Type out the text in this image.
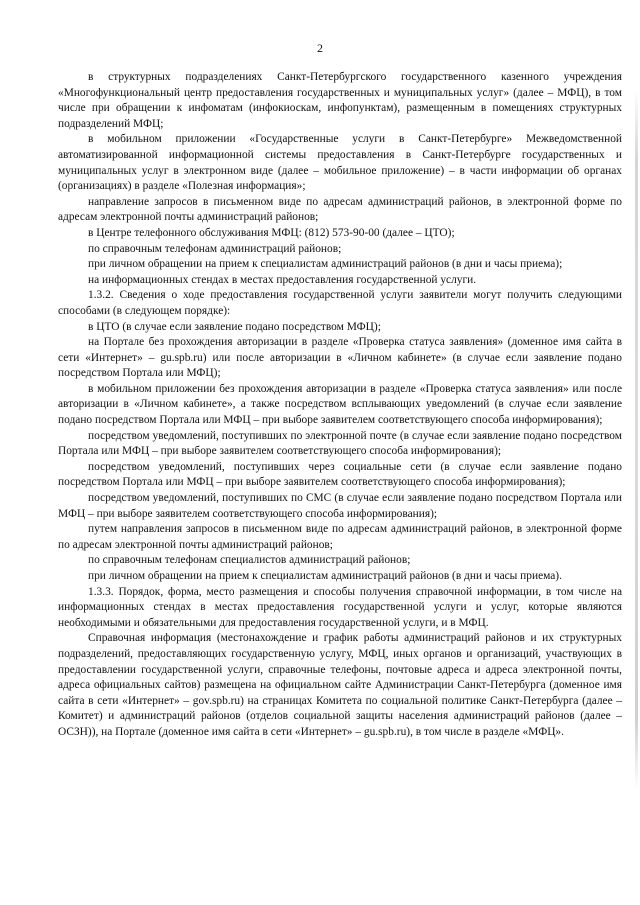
2

в структурных подразделениях Санкт-Петербургского государственного казенного учреждения «Многофункциональный центр предоставления государственных и муниципальных услуг» (далее – МФЦ), в том числе при обращении к инфоматам (инфокиоскам, инфопунктам), размещенным в помещениях структурных подразделений МФЦ;

в мобильном приложении «Государственные услуги в Санкт-Петербурге» Межведомственной автоматизированной информационной системы предоставления в Санкт-Петербурге государственных и муниципальных услуг в электронном виде (далее – мобильное приложение) – в части информации об органах (организациях) в разделе «Полезная информация»;

направление запросов в письменном виде по адресам администраций районов, в электронной форме по адресам электронной почты администраций районов;

в Центре телефонного обслуживания МФЦ: (812) 573-90-00 (далее – ЦТО);

по справочным телефонам администраций районов;

при личном обращении на прием к специалистам администраций районов (в дни и часы приема);

на информационных стендах в местах предоставления государственной услуги.

1.3.2. Сведения о ходе предоставления государственной услуги заявители могут получить следующими способами (в следующем порядке):

в ЦТО (в случае если заявление подано посредством МФЦ);

на Портале без прохождения авторизации в разделе «Проверка статуса заявления» (доменное имя сайта в сети «Интернет» – gu.spb.ru) или после авторизации в «Личном кабинете» (в случае если заявление подано посредством Портала или МФЦ);

в мобильном приложении без прохождения авторизации в разделе «Проверка статуса заявления» или после авторизации в «Личном кабинете», а также посредством всплывающих уведомлений (в случае если заявление подано посредством Портала или МФЦ – при выборе заявителем соответствующего способа информирования);

посредством уведомлений, поступивших по электронной почте (в случае если заявление подано посредством Портала или МФЦ – при выборе заявителем соответствующего способа информирования);

посредством уведомлений, поступивших через социальные сети (в случае если заявление подано посредством Портала или МФЦ – при выборе заявителем соответствующего способа информирования);

посредством уведомлений, поступивших по СМС (в случае если заявление подано посредством Портала или МФЦ – при выборе заявителем соответствующего способа информирования);

путем направления запросов в письменном виде по адресам администраций районов, в электронной форме по адресам электронной почты администраций районов;

по справочным телефонам специалистов администраций районов;

при личном обращении на прием к специалистам администраций районов (в дни и часы приема).

1.3.3. Порядок, форма, место размещения и способы получения справочной информации, в том числе на информационных стендах в местах предоставления государственной услуги и услуг, которые являются необходимыми и обязательными для предоставления государственной услуги, и в МФЦ.

Справочная информация (местонахождение и график работы администраций районов и их структурных подразделений, предоставляющих государственную услугу, МФЦ, иных органов и организаций, участвующих в предоставлении государственной услуги, справочные телефоны, почтовые адреса и адреса электронной почты, адреса официальных сайтов) размещена на официальном сайте Администрации Санкт-Петербурга (доменное имя сайта в сети «Интернет» – gov.spb.ru) на страницах Комитета по социальной политике Санкт-Петербурга (далее – Комитет) и администраций районов (отделов социальной защиты населения администраций районов (далее – ОСЗН)), на Портале (доменное имя сайта в сети «Интернет» – gu.spb.ru), в том числе в разделе «МФЦ».
